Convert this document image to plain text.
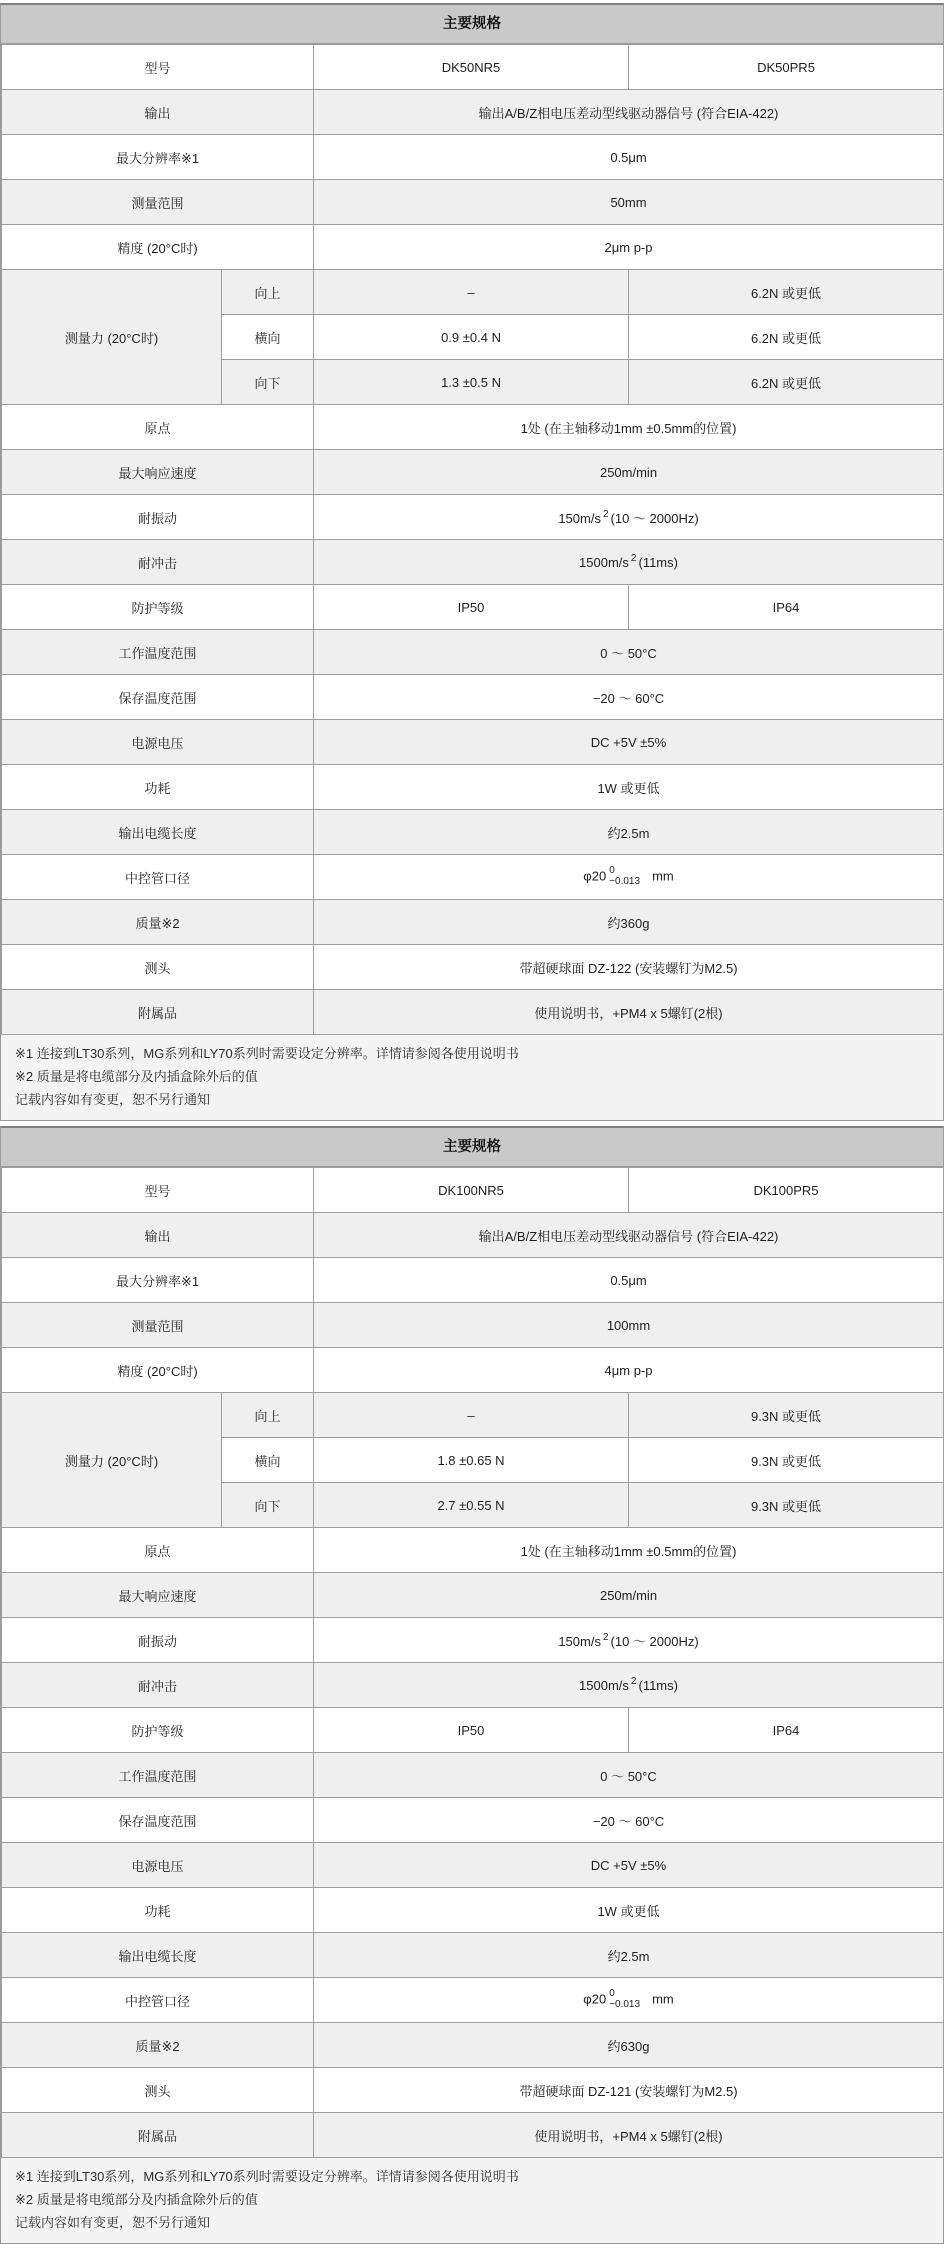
主要规格
型号		DK50NR5	DK50PR5
输出		输出A/B/Z相电压差动型线驱动器信号 (符合EIA-422)	
最大分辨率※1		0.5μm	
测量范围		50mm	
精度 (20°C时)		2μm p-p	
测量力 (20°C时)	向上	–	6.2N 或更低
	横向	0.9 ±0.4 N	6.2N 或更低
	向下	1.3 ±0.5 N	6.2N 或更低
原点		1处 (在主轴移动1mm ±0.5mm的位置)	
最大响应速度		250m/min	
耐振动		150m/s $^2$ (10 〜 2000Hz)	
耐冲击		1500m/s $^2$ (11ms)	
防护等级		IP50	IP64
工作温度范围		0 〜 50°C	
保存温度范围		−20 〜 60°C	
电源电压		DC +5V ±5%	
功耗		1W 或更低	
输出电缆长度		约2.5m	
中控管口径		φ20 0
−0.013 mm	
质量※2		约360g	
测头		带超硬球面 DZ-122 (安装螺钉为M2.5)	
附属品		使用说明书，+PM4 x 5螺钉(2根)	
※1 连接到LT30系列，MG系列和LY70系列时需要设定分辨率。详情请参阅各使用说明书
※2 质量是将电缆部分及内插盒除外后的值
记载内容如有变更，恕不另行通知
主要规格
型号		DK100NR5	DK100PR5
输出		输出A/B/Z相电压差动型线驱动器信号 (符合EIA-422)	
最大分辨率※1		0.5μm	
测量范围		100mm	
精度 (20°C时)		4μm p-p	
测量力 (20°C时)	向上	–	9.3N 或更低
	横向	1.8 ±0.65 N	9.3N 或更低
	向下	2.7 ±0.55 N	9.3N 或更低
原点		1处 (在主轴移动1mm ±0.5mm的位置)	
最大响应速度		250m/min	
耐振动		150m/s $^2$ (10 〜 2000Hz)	
耐冲击		1500m/s $^2$ (11ms)	
防护等级		IP50	IP64
工作温度范围		0 〜 50°C	
保存温度范围		−20 〜 60°C	
电源电压		DC +5V ±5%	
功耗		1W 或更低	
输出电缆长度		约2.5m	
中控管口径		φ20 0
−0.013 mm	
质量※2		约630g	
测头		带超硬球面 DZ-121 (安装螺钉为M2.5)	
附属品		使用说明书，+PM4 x 5螺钉(2根)	
※1 连接到LT30系列，MG系列和LY70系列时需要设定分辨率。详情请参阅各使用说明书
※2 质量是将电缆部分及内插盒除外后的值
记载内容如有变更，恕不另行通知
